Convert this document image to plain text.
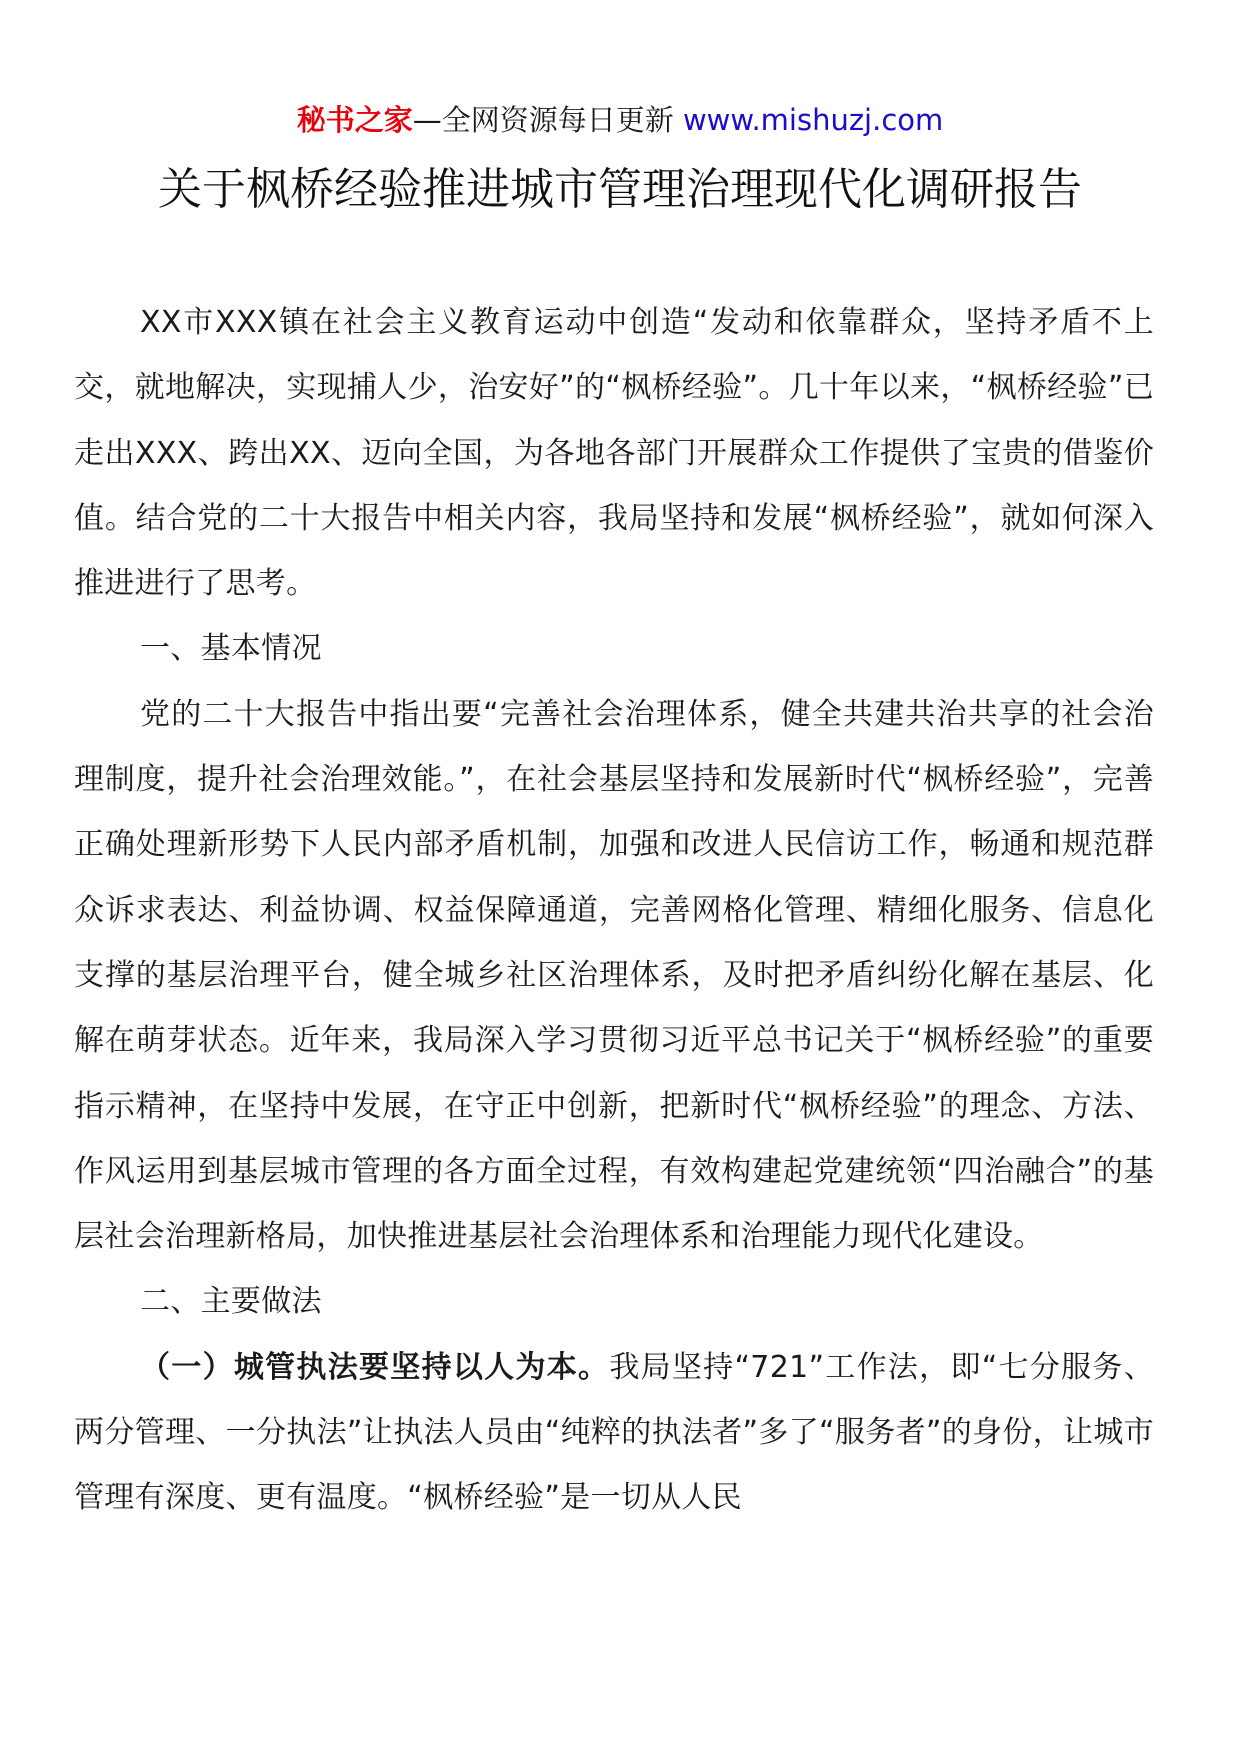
秘书之家—全网资源每日更新 www.mishuzj.com
关于枫桥经验推进城市管理治理现代化调研报告

XX市XXX镇在社会主义教育运动中创造“发动和依靠群众，坚持矛盾不上交，就地解决，实现捕人少，治安好”的“枫桥经验”。几十年以来，“枫桥经验”已走出XXX、跨出XX、迈向全国，为各地各部门开展群众工作提供了宝贵的借鉴价值。结合党的二十大报告中相关内容，我局坚持和发展“枫桥经验”，就如何深入推进进行了思考。

一、基本情况

党的二十大报告中指出要“完善社会治理体系，健全共建共治共享的社会治理制度，提升社会治理效能。”，在社会基层坚持和发展新时代“枫桥经验”，完善正确处理新形势下人民内部矛盾机制，加强和改进人民信访工作，畅通和规范群众诉求表达、利益协调、权益保障通道，完善网格化管理、精细化服务、信息化支撑的基层治理平台，健全城乡社区治理体系，及时把矛盾纠纷化解在基层、化解在萌芽状态。近年来，我局深入学习贯彻习近平总书记关于“枫桥经验”的重要指示精神，在坚持中发展，在守正中创新，把新时代“枫桥经验”的理念、方法、作风运用到基层城市管理的各方面全过程，有效构建起党建统领“四治融合”的基层社会治理新格局，加快推进基层社会治理体系和治理能力现代化建设。

二、主要做法

（一）城管执法要坚持以人为本。我局坚持“721”工作法，即“七分服务、两分管理、一分执法”让执法人员由“纯粹的执法者”多了“服务者”的身份，让城市管理有深度、更有温度。“枫桥经验”是一切从人民
